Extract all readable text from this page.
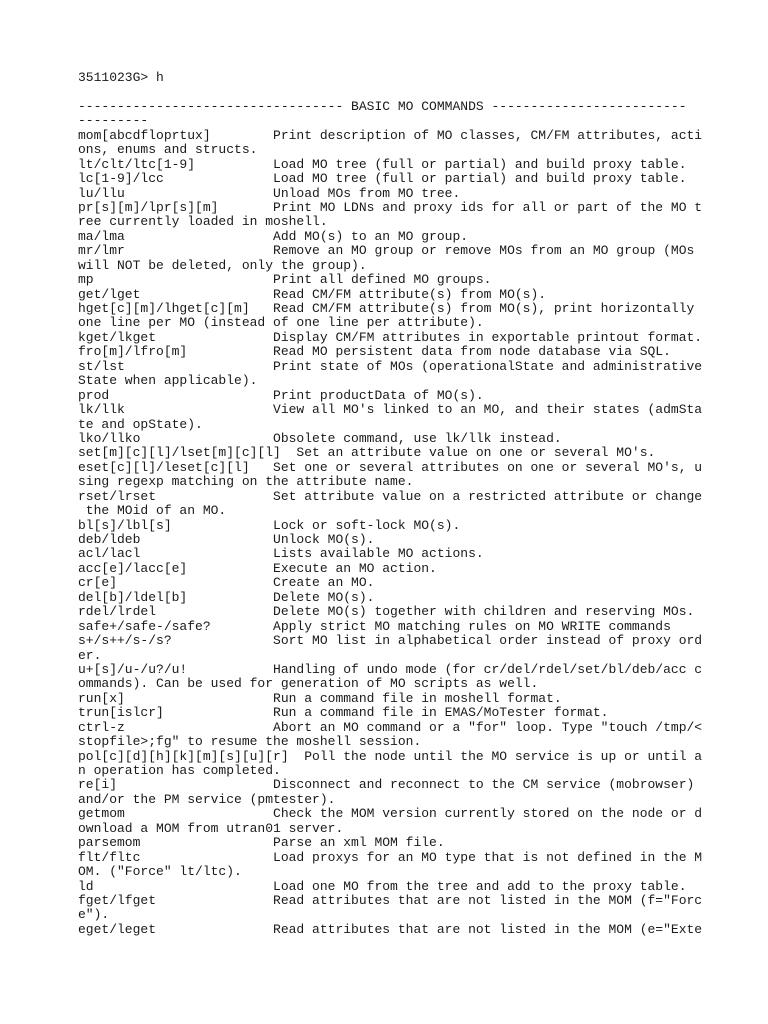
3511023G> h
---------------------------------- BASIC MO COMMANDS -------------------------
---------
mom[abcdfloprtux]        Print description of MO classes, CM/FM attributes, acti
ons, enums and structs.
lt/clt/ltc[1-9]          Load MO tree (full or partial) and build proxy table.
lc[1-9]/lcc              Load MO tree (full or partial) and build proxy table.
lu/llu                   Unload MOs from MO tree.
pr[s][m]/lpr[s][m]       Print MO LDNs and proxy ids for all or part of the MO t
ree currently loaded in moshell.
ma/lma                   Add MO(s) to an MO group.
mr/lmr                   Remove an MO group or remove MOs from an MO group (MOs
will NOT be deleted, only the group).
mp                       Print all defined MO groups.
get/lget                 Read CM/FM attribute(s) from MO(s).
hget[c][m]/lhget[c][m]   Read CM/FM attribute(s) from MO(s), print horizontally
one line per MO (instead of one line per attribute).
kget/lkget               Display CM/FM attributes in exportable printout format.
fro[m]/lfro[m]           Read MO persistent data from node database via SQL.
st/lst                   Print state of MOs (operationalState and administrative
State when applicable).
prod                     Print productData of MO(s).
lk/llk                   View all MO's linked to an MO, and their states (admSta
te and opState).
lko/llko                 Obsolete command, use lk/llk instead.
set[m][c][l]/lset[m][c][l]  Set an attribute value on one or several MO's.
eset[c][l]/leset[c][l]   Set one or several attributes on one or several MO's, u
sing regexp matching on the attribute name.
rset/lrset               Set attribute value on a restricted attribute or change
the MOid of an MO.
bl[s]/lbl[s]             Lock or soft-lock MO(s).
deb/ldeb                 Unlock MO(s).
acl/lacl                 Lists available MO actions.
acc[e]/lacc[e]           Execute an MO action.
cr[e]                    Create an MO.
del[b]/ldel[b]           Delete MO(s).
rdel/lrdel               Delete MO(s) together with children and reserving MOs.
safe+/safe-/safe?        Apply strict MO matching rules on MO WRITE commands
s+/s++/s-/s?             Sort MO list in alphabetical order instead of proxy ord
er.
u+[s]/u-/u?/u!           Handling of undo mode (for cr/del/rdel/set/bl/deb/acc c
ommands). Can be used for generation of MO scripts as well.
run[x]                   Run a command file in moshell format.
trun[islcr]              Run a command file in EMAS/MoTester format.
ctrl-z                   Abort an MO command or a "for" loop. Type "touch /tmp/<
stopfile>;fg" to resume the moshell session.
pol[c][d][h][k][m][s][u][r]  Poll the node until the MO service is up or until a
n operation has completed.
re[i]                    Disconnect and reconnect to the CM service (mobrowser)
and/or the PM service (pmtester).
getmom                   Check the MOM version currently stored on the node or d
ownload a MOM from utran01 server.
parsemom                 Parse an xml MOM file.
flt/fltc                 Load proxys for an MO type that is not defined in the M
OM. ("Force" lt/ltc).
ld                       Load one MO from the tree and add to the proxy table.
fget/lfget               Read attributes that are not listed in the MOM (f="Forc
e").
eget/leget               Read attributes that are not listed in the MOM (e="Exte
